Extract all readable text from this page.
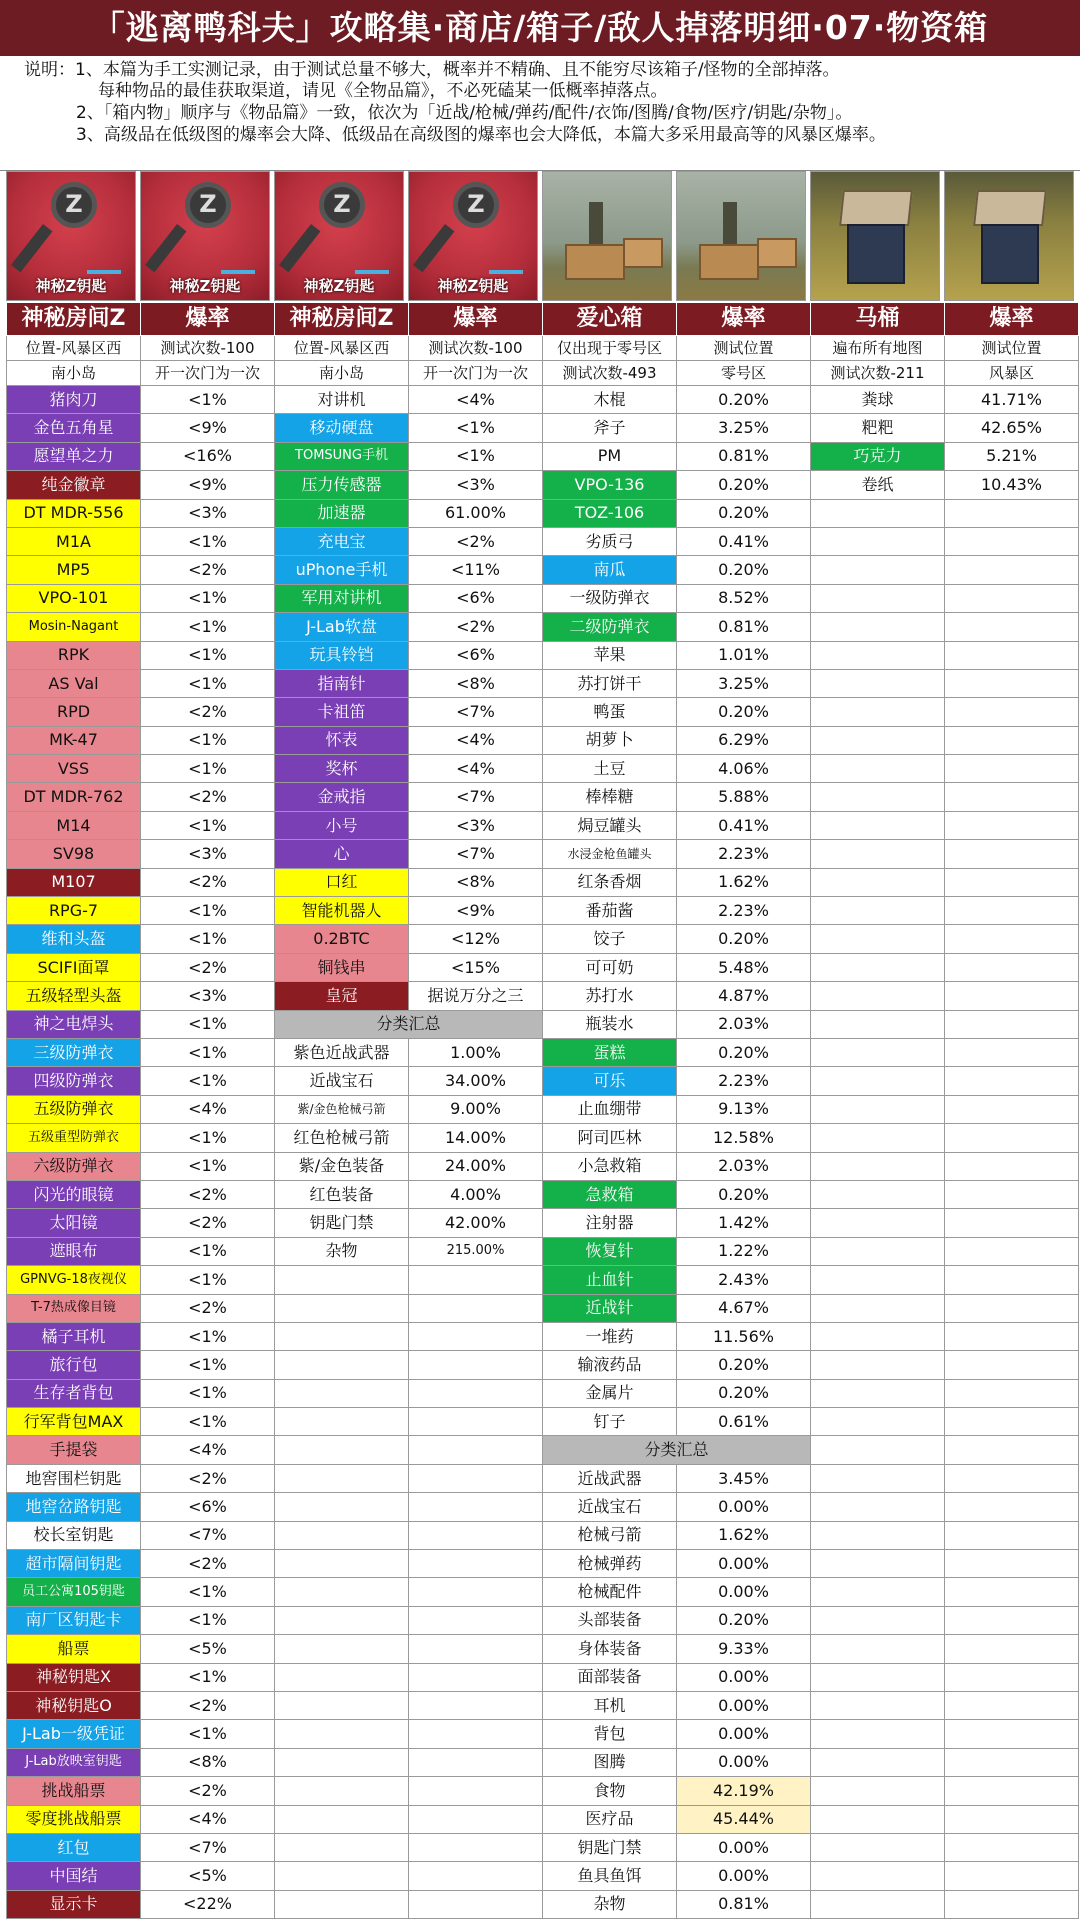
「逃离鸭科夫」攻略集·商店/箱子/敌人掉落明细·07·物资箱
说明：1、本篇为手工实测记录，由于测试总量不够大，概率并不精确、且不能穷尽该箱子/怪物的全部掉落。
每种物品的最佳获取渠道，请见《全物品篇》，不必死磕某一低概率掉落点。
2、「箱内物」顺序与《物品篇》一致，依次为「近战/枪械/弹药/配件/衣饰/图腾/食物/医疗/钥匙/杂物」。
3、高级品在低级图的爆率会大降、低级品在高级图的爆率也会大降低，本篇大多采用最高等的风暴区爆率。
Z
神秘Z钥匙
Z
神秘Z钥匙
Z
神秘Z钥匙
Z
神秘Z钥匙
神秘房间Z	爆率	神秘房间Z	爆率	爱心箱	爆率	马桶	爆率
位置-风暴区西	测试次数-100	位置-风暴区西	测试次数-100	仅出现于零号区	测试位置	遍布所有地图	测试位置
南小岛	开一次门为一次	南小岛	开一次门为一次	测试次数-493	零号区	测试次数-211	风暴区
猪肉刀	<1%	对讲机	<4%	木棍	0.20%	粪球	41.71%
金色五角星	<9%	移动硬盘	<1%	斧子	3.25%	粑粑	42.65%
愿望单之力	<16%	TOMSUNG手机	<1%	PM	0.81%	巧克力	5.21%
纯金徽章	<9%	压力传感器	<3%	VPO-136	0.20%	卷纸	10.43%
DT MDR-556	<3%	加速器	61.00%	TOZ-106	0.20%		
M1A	<1%	充电宝	<2%	劣质弓	0.41%		
MP5	<2%	uPhone手机	<11%	南瓜	0.20%		
VPO-101	<1%	军用对讲机	<6%	一级防弹衣	8.52%		
Mosin-Nagant	<1%	J-Lab软盘	<2%	二级防弹衣	0.81%		
RPK	<1%	玩具铃铛	<6%	苹果	1.01%		
AS Val	<1%	指南针	<8%	苏打饼干	3.25%		
RPD	<2%	卡祖笛	<7%	鸭蛋	0.20%		
MK-47	<1%	怀表	<4%	胡萝卜	6.29%		
VSS	<1%	奖杯	<4%	土豆	4.06%		
DT MDR-762	<2%	金戒指	<7%	棒棒糖	5.88%		
M14	<1%	小号	<3%	焗豆罐头	0.41%		
SV98	<3%	心	<7%	水浸金枪鱼罐头	2.23%		
M107	<2%	口红	<8%	红条香烟	1.62%		
RPG-7	<1%	智能机器人	<9%	番茄酱	2.23%		
维和头盔	<1%	0.2BTC	<12%	饺子	0.20%		
SCIFI面罩	<2%	铜钱串	<15%	可可奶	5.48%		
五级轻型头盔	<3%	皇冠	据说万分之三	苏打水	4.87%		
神之电焊头	<1%	分类汇总		瓶装水	2.03%		
三级防弹衣	<1%	紫色近战武器	1.00%	蛋糕	0.20%		
四级防弹衣	<1%	近战宝石	34.00%	可乐	2.23%		
五级防弹衣	<4%	紫/金色枪械弓箭	9.00%	止血绷带	9.13%		
五级重型防弹衣	<1%	红色枪械弓箭	14.00%	阿司匹林	12.58%		
六级防弹衣	<1%	紫/金色装备	24.00%	小急救箱	2.03%		
闪光的眼镜	<2%	红色装备	4.00%	急救箱	0.20%		
太阳镜	<2%	钥匙门禁	42.00%	注射器	1.42%		
遮眼布	<1%	杂物	215.00%	恢复针	1.22%		
GPNVG-18夜视仪	<1%			止血针	2.43%		
T-7热成像目镜	<2%			近战针	4.67%		
橘子耳机	<1%			一堆药	11.56%		
旅行包	<1%			输液药品	0.20%		
生存者背包	<1%			金属片	0.20%		
行军背包MAX	<1%			钉子	0.61%		
手提袋	<4%			分类汇总			
地窖围栏钥匙	<2%			近战武器	3.45%		
地窖岔路钥匙	<6%			近战宝石	0.00%		
校长室钥匙	<7%			枪械弓箭	1.62%		
超市隔间钥匙	<2%			枪械弹药	0.00%		
员工公寓105钥匙	<1%			枪械配件	0.00%		
南厂区钥匙卡	<1%			头部装备	0.20%		
船票	<5%			身体装备	9.33%		
神秘钥匙X	<1%			面部装备	0.00%		
神秘钥匙O	<2%			耳机	0.00%		
J-Lab一级凭证	<1%			背包	0.00%		
J-Lab放映室钥匙	<8%			图腾	0.00%		
挑战船票	<2%			食物	42.19%		
零度挑战船票	<4%			医疗品	45.44%		
红包	<7%			钥匙门禁	0.00%		
中国结	<5%			鱼具鱼饵	0.00%		
显示卡	<22%			杂物	0.81%		
